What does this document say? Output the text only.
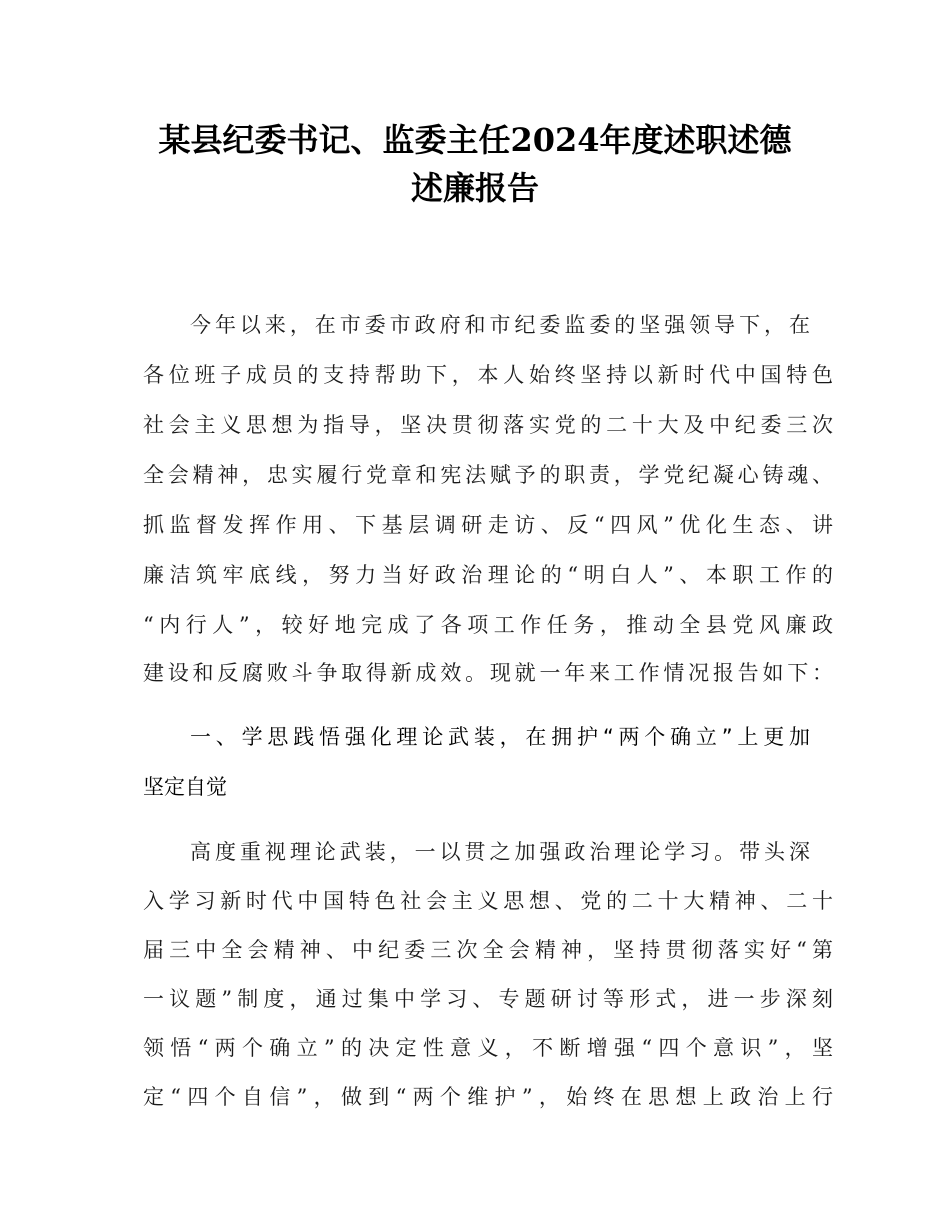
某县纪委书记、监委主任2024年度述职述德
述廉报告
今年以来，在市委市政府和市纪委监委的坚强领导下，在
各位班子成员的支持帮助下，本人始终坚持以新时代中国特色
社会主义思想为指导，坚决贯彻落实党的二十大及中纪委三次
全会精神，忠实履行党章和宪法赋予的职责，学党纪凝心铸魂、
抓监督发挥作用、下基层调研走访、反“四风”优化生态、讲
廉洁筑牢底线，努力当好政治理论的“明白人”、本职工作的
“内行人”，较好地完成了各项工作任务，推动全县党风廉政
建设和反腐败斗争取得新成效。现就一年来工作情况报告如下：
一、学思践悟强化理论武装，在拥护“两个确立”上更加
坚定自觉
高度重视理论武装，一以贯之加强政治理论学习。带头深
入学习新时代中国特色社会主义思想、党的二十大精神、二十
届三中全会精神、中纪委三次全会精神，坚持贯彻落实好“第
一议题”制度，通过集中学习、专题研讨等形式，进一步深刻
领悟“两个确立”的决定性意义，不断增强“四个意识”，坚
定“四个自信”，做到“两个维护”，始终在思想上政治上行
